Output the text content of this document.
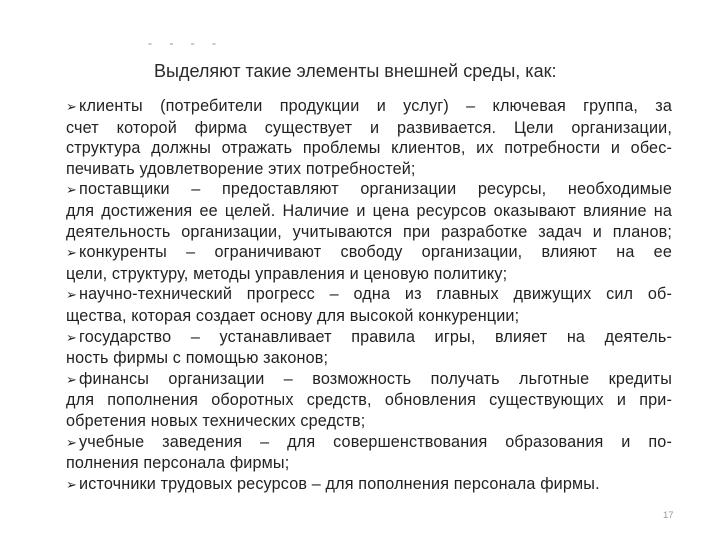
- - - -
Выделяют такие элементы внешней среды, как:
➢ клиенты (потребители продукции и услуг) – ключевая группа, за
счет которой фирма существует и развивается. Цели организации,
структура должны отражать проблемы клиентов, их потребности и обес-
печивать удовлетворение этих потребностей;
➢ поставщики – предоставляют организации ресурсы, необходимые
для достижения ее целей. Наличие и цена ресурсов оказывают влияние на
деятельность организации, учитываются при разработке задач и планов;
➢ конкуренты – ограничивают свободу организации, влияют на ее
цели, структуру, методы управления и ценовую политику;
➢ научно-технический прогресс – одна из главных движущих сил об-
щества, которая создает основу для высокой конкуренции;
➢ государство – устанавливает правила игры, влияет на деятель-
ность фирмы с помощью законов;
➢ финансы организации – возможность получать льготные кредиты
для пополнения оборотных средств, обновления существующих и при-
обретения новых технических средств;
➢ учебные заведения – для совершенствования образования и по-
полнения персонала фирмы;
➢ источники трудовых ресурсов – для пополнения персонала фирмы.
17
